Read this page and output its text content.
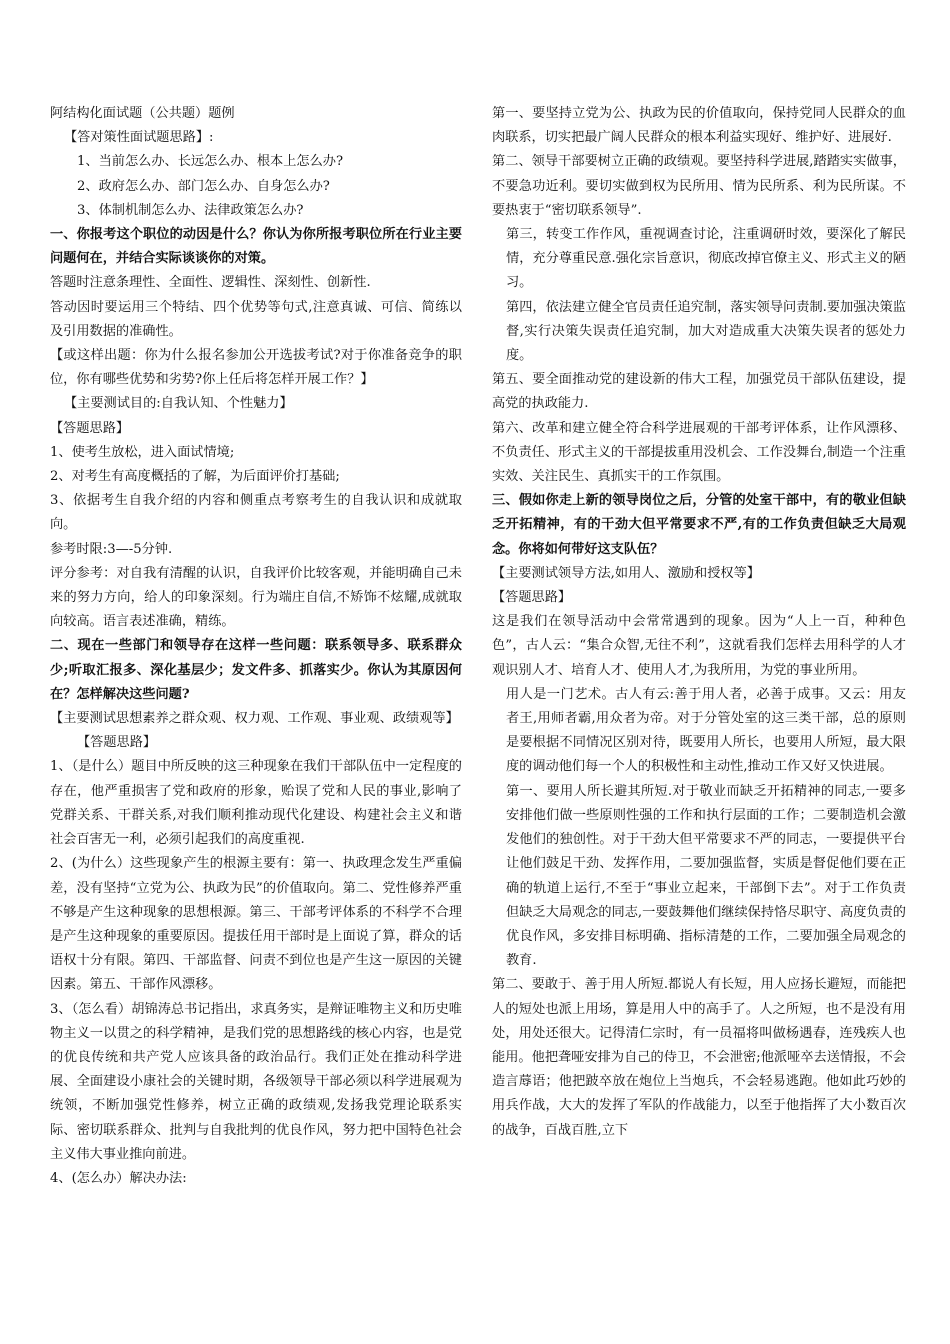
阿结构化面试题（公共题）题例

【答对策性面试题思路】:

1、当前怎么办、长远怎么办、根本上怎么办?

2、政府怎么办、部门怎么办、自身怎么办?

3、体制机制怎么办、法律政策怎么办?

一、你报考这个职位的动因是什么？你认为你所报考职位所在行业主要问题何在，并结合实际谈谈你的对策。

答题时注意条理性、全面性、逻辑性、深刻性、创新性.

答动因时要运用三个特结、四个优势等句式,注意真诚、可信、简练以及引用数据的准确性。

【或这样出题：你为什么报名参加公开选拔考试?对于你准备竞争的职位，你有哪些优势和劣势?你上任后将怎样开展工作？】

【主要测试目的:自我认知、个性魅力】

【答题思路】

1、使考生放松，进入面试情境;

2、对考生有高度概括的了解，为后面评价打基础;

3、依据考生自我介绍的内容和侧重点考察考生的自我认识和成就取向。

参考时限:3—-5分钟.

评分参考：对自我有清醒的认识，自我评价比较客观，并能明确自己未来的努力方向，给人的印象深刻。行为端庄自信,不矫饰不炫耀,成就取向较高。语言表述准确，精练。

二、现在一些部门和领导存在这样一些问题：联系领导多、联系群众少;听取汇报多、深化基层少；发文件多、抓落实少。你认为其原因何在？怎样解决这些问题?

【主要测试思想素养之群众观、权力观、工作观、事业观、政绩观等】

【答题思路】

1、（是什么）题目中所反映的这三种现象在我们干部队伍中一定程度的存在，他严重损害了党和政府的形象，贻误了党和人民的事业,影响了党群关系、干群关系,对我们顺利推动现代化建设、构建社会主义和谐社会百害无一利，必须引起我们的高度重视.

2、(为什么）这些现象产生的根源主要有：第一、执政理念发生严重偏差，没有坚持“立党为公、执政为民”的价值取向。第二、党性修养严重不够是产生这种现象的思想根源。第三、干部考评体系的不科学不合理是产生这种现象的重要原因。提拔任用干部时是上面说了算，群众的话语权十分有限。第四、干部监督、问责不到位也是产生这一原因的关键因素。第五、干部作风漂移。

3、（怎么看）胡锦涛总书记指出，求真务实，是辩证唯物主义和历史唯物主义一以贯之的科学精神，是我们党的思想路线的核心内容，也是党的优良传统和共产党人应该具备的政治品行。我们正处在推动科学进展、全面建设小康社会的关键时期，各级领导干部必须以科学进展观为统领，不断加强党性修养，树立正确的政绩观,发扬我党理论联系实际、密切联系群众、批判与自我批判的优良作风，努力把中国特色社会主义伟大事业推向前进。

4、(怎么办）解决办法:

第一、要坚持立党为公、执政为民的价值取向，保持党同人民群众的血肉联系，切实把最广阔人民群众的根本利益实现好、维护好、进展好.

第二、领导干部要树立正确的政绩观。要坚持科学进展,踏踏实实做事，不要急功近利。要切实做到权为民所用、情为民所系、利为民所谋。不要热衷于“密切联系领导”.

第三，转变工作作风，重视调查讨论，注重调研时效，要深化了解民情，充分尊重民意.强化宗旨意识，彻底改掉官僚主义、形式主义的陋习。

第四，依法建立健全官员责任追究制，落实领导问责制.要加强决策监督,实行决策失误责任追究制，加大对造成重大决策失误者的惩处力度。

第五、要全面推动党的建设新的伟大工程，加强党员干部队伍建设，提高党的执政能力.

第六、改革和建立健全符合科学进展观的干部考评体系，让作风漂移、不负责任、形式主义的干部提拔重用没机会、工作没舞台,制造一个注重实效、关注民生、真抓实干的工作氛围。

三、假如你走上新的领导岗位之后，分管的处室干部中，有的敬业但缺乏开拓精神，有的干劲大但平常要求不严,有的工作负责但缺乏大局观念。你将如何带好这支队伍？

【主要测试领导方法,如用人、激励和授权等】

【答题思路】

这是我们在领导活动中会常常遇到的现象。因为“人上一百，种种色色”，古人云：“集合众智,无往不利”，这就看我们怎样去用科学的人才观识别人才、培育人才、使用人才,为我所用，为党的事业所用。

用人是一门艺术。古人有云:善于用人者，必善于成事。又云：用友者王,用师者霸,用众者为帝。对于分管处室的这三类干部，总的原则是要根据不同情况区别对待，既要用人所长，也要用人所短，最大限度的调动他们每一个人的积极性和主动性,推动工作又好又快进展。

第一、要用人所长避其所短.对于敬业而缺乏开拓精神的同志,一要多安排他们做一些原则性强的工作和执行层面的工作；二要制造机会激发他们的独创性。对于干劲大但平常要求不严的同志，一要提供平台让他们鼓足干劲、发挥作用，二要加强监督，实质是督促他们要在正确的轨道上运行,不至于“事业立起来，干部倒下去”。对于工作负责但缺乏大局观念的同志,一要鼓舞他们继续保持恪尽职守、高度负责的优良作风，多安排目标明确、指标清楚的工作，二要加强全局观念的教育.

第二、要敢于、善于用人所短.都说人有长短，用人应扬长避短，而能把人的短处也派上用场，算是用人中的高手了。人之所短，也不是没有用处，用处还很大。记得清仁宗时，有一员福将叫做杨遇春，连残疾人也能用。他把聋哑安排为自己的侍卫，不会泄密;他派哑卒去送情报，不会造言蓐语；他把跛卒放在炮位上当炮兵，不会轻易逃跑。他如此巧妙的用兵作战，大大的发挥了军队的作战能力，以至于他指挥了大小数百次的战争，百战百胜,立下
